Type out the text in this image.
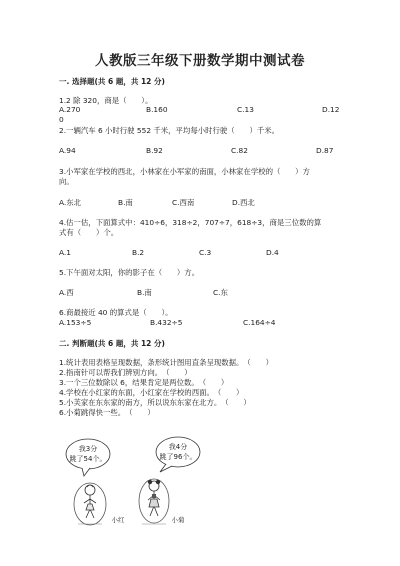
人教版三年级下册数学期中测试卷
一. 选择题(共 6 题，共 12 分)
1.2 除 320，商是（　　）。
A.270	B.160	C.13	D.12
0
2.一辆汽车 6 小时行驶 552 千米，平均每小时行驶（　　）千米。
A.94	B.92	C.82	D.87
3.小军家在学校的西北，小林家在小军家的南面，小林家在学校的（　　）方
向。
A.东北	B.南	C.西南	D.西北
4.估一估，下面算式中：410÷6，318÷2，707÷7，618÷3，商是三位数的算
式有（　　）个。
A.1	B.2	C.3	D.4
5.下午面对太阳，你的影子在（　　）方。
A.西	B.南	C.东
6.商最接近 40 的算式是（　　）。
A.153÷5	B.432÷5	C.164÷4
二. 判断题(共 6 题，共 12 分)
1.统计表用表格呈现数据，条形统计图用直条呈现数据。　（　　）
2.指南针可以帮我们辨别方向。　（　　）
3.一个三位数除以 6，结果肯定是两位数。　（　　）
4.学校在小红家的东面，小红家在学校的西面。　（　　）
5.小芙家在东东家的南方，所以说东东家在北方。　（　　）
6.小菊跳得快一些。　（　　）
我3分
跳了54个。
我4分
跳了96个。
小红	小菊
